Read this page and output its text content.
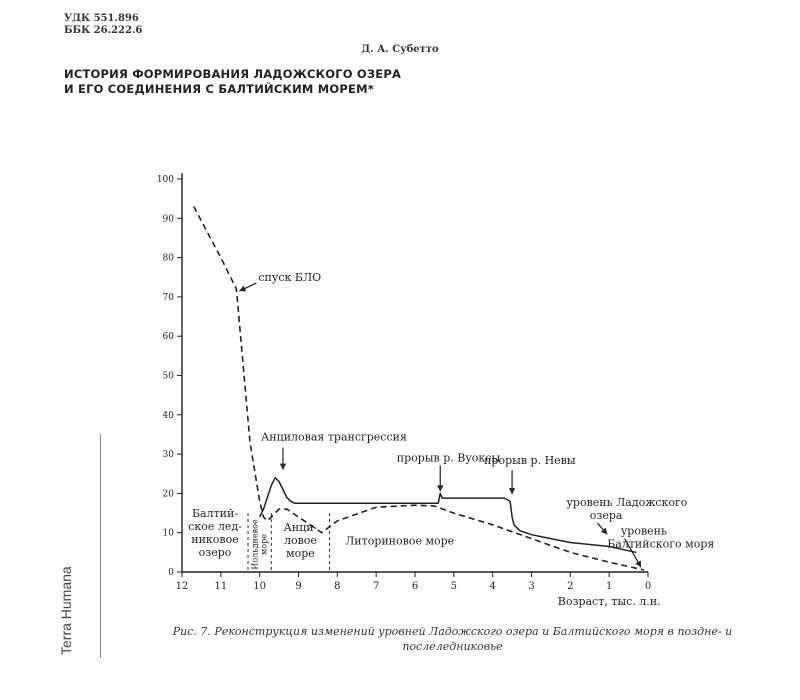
УДК 551.896
ББК 26.222.6
Д. А. Субетто
ИСТОРИЯ ФОРМИРОВАНИЯ ЛАДОЖСКОГО ОЗЕРА
И ЕГО СОЕДИНЕНИЯ С БАЛТИЙСКИМ МОРЕМ*
Terra Humana	0
10
20
30
40
50
60
70
80
90
100
12	11	10	9	8	7	6	5	4	3	2	1	0
Возраст, тыс. л.н.
спуск БЛО
Анциловая трансгрессия
прорыв р. Вуоксы
прорыв р. Невы
Балтий-
ское лед-
никовое
озеро Иольдиевое море
Анци-
ловое
море
Литориновое море
уровень Ладожского
озера
уровень
Балтийского моря
Рис. 7. Реконструкция изменений уровней Ладожского озера и Балтийского моря в поздне- и
послеледниковье
